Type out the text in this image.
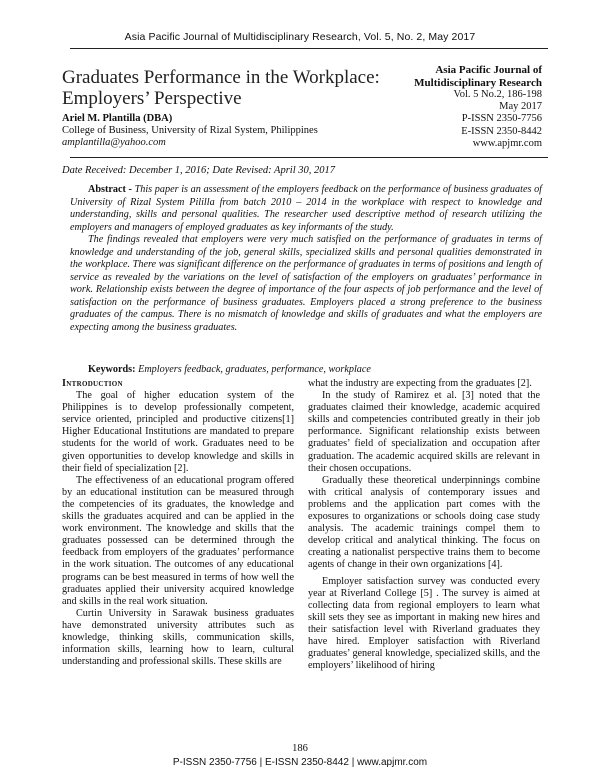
Asia Pacific Journal of Multidisciplinary Research, Vol. 5, No. 2, May 2017
Graduates Performance in the Workplace: Employers’ Perspective
Asia Pacific Journal of
Multidisciplinary Research
Vol. 5 No.2, 186-198
May 2017
P-ISSN 2350-7756
E-ISSN 2350-8442
www.apjmr.com
Ariel M. Plantilla (DBA)
College of Business, University of Rizal System, Philippines
amplantilla@yahoo.com
Date Received: December 1, 2016; Date Revised: April 30, 2017

Abstract - This paper is an assessment of the employers feedback on the performance of business graduates of University of Rizal System Pililla from batch 2010 – 2014 in the workplace with respect to knowledge and understanding, skills and personal qualities. The researcher used descriptive method of research utilizing the employers and managers of employed graduates as key informants of the study.

The findings revealed that employers were very much satisfied on the performance of graduates in terms of knowledge and understanding of the job, general skills, specialized skills and personal qualities demonstrated in the workplace. There was significant difference on the performance of graduates in terms of positions and length of service as revealed by the variations on the level of satisfaction of the employers on graduates’ performance in work. Relationship exists between the degree of importance of the four aspects of job performance and the level of satisfaction on the performance of business graduates. Employers placed a strong preference to the business graduates of the campus. There is no mismatch of knowledge and skills of graduates and what the employers are expecting among the business graduates.

Keywords: Employers feedback, graduates, performance, workplace
Introduction

The goal of higher education system of the Philippines is to develop professionally competent, service oriented, principled and productive citizens[1] Higher Educational Institutions are mandated to prepare students for the world of work. Graduates need to be given opportunities to develop knowledge and skills in their field of specialization [2].

The effectiveness of an educational program offered by an educational institution can be measured through the competencies of its graduates, the knowledge and skills the graduates acquired and can be applied in the work environment. The knowledge and skills that the graduates possessed can be determined through the feedback from employers of the graduates’ performance in the work situation. The outcomes of any educational programs can be best measured in terms of how well the graduates applied their university acquired knowledge and skills in the real work situation.

Curtin University in Sarawak business graduates have demonstrated university attributes such as knowledge, thinking skills, communication skills, information skills, learning how to learn, cultural understanding and professional skills. These skills are

what the industry are expecting from the graduates [2].

In the study of Ramirez et al. [3] noted that the graduates claimed their knowledge, academic acquired skills and competencies contributed greatly in their job performance. Significant relationship exists between graduates’ field of specialization and occupation after graduation. The academic acquired skills are relevant in their chosen occupations.

Gradually these theoretical underpinnings combine with critical analysis of contemporary issues and problems and the application part comes with the exposures to organizations or schools doing case study analysis. The academic trainings compel them to develop critical and analytical thinking. The focus on creating a nationalist perspective trains them to become agents of change in their own organizations [4].

Employer satisfaction survey was conducted every year at Riverland College [5] . The survey is aimed at collecting data from regional employers to learn what skill sets they see as important in making new hires and their satisfaction level with Riverland graduates they have hired. Employer satisfaction with Riverland graduates’ general knowledge, specialized skills, and the employers’ likelihood of hiring

186
P-ISSN 2350-7756 | E-ISSN 2350-8442 | www.apjmr.com
